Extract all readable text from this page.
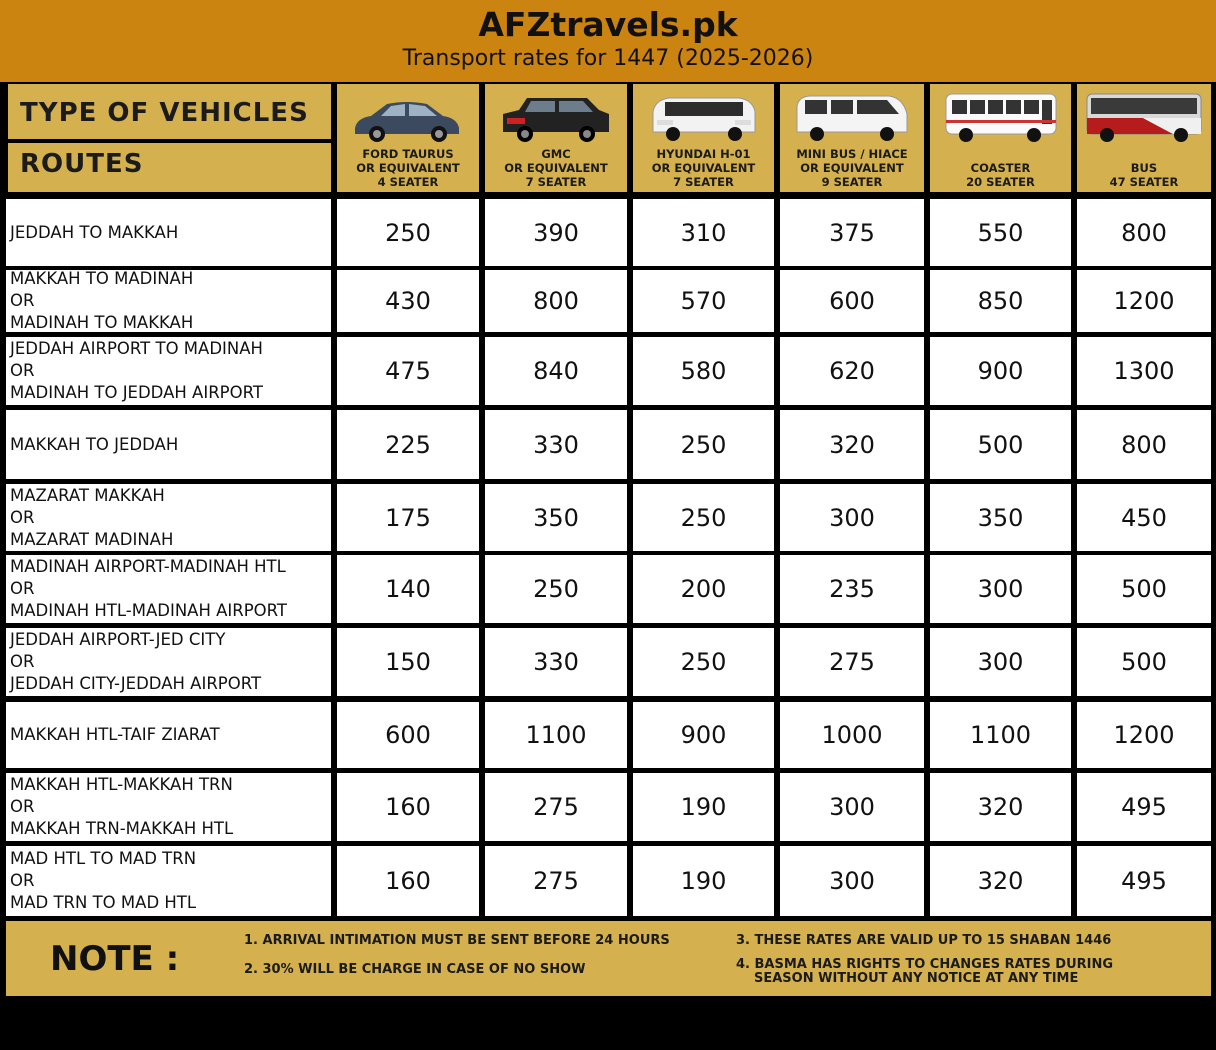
AFZtravels.pk
Transport rates for 1447 (2025-2026)
TYPE OF VEHICLES
ROUTES
NOTE :	1. ARRIVAL INTIMATION MUST BE SENT BEFORE 24 HOURS
2. 30% WILL BE CHARGE IN CASE OF NO SHOW
3. THESE RATES ARE VALID UP TO 15 SHABAN 1446
4. BASMA HAS RIGHTS TO CHANGES RATES DURING
SEASON WITHOUT ANY NOTICE AT ANY TIME
FORD TAURUS
OR EQUIVALENT
4 SEATER
GMC
OR EQUIVALENT
7 SEATER
HYUNDAI H-01
OR EQUIVALENT
7 SEATER
MINI BUS / HIACE
OR EQUIVALENT
9 SEATER
COASTER
20 SEATER
BUS
47 SEATER
JEDDAH TO MAKKAH	250	390	310	375	550	800
MAKKAH TO MADINAH
OR
MADINAH TO MAKKAH
430	800	570	600	850	1200
JEDDAH AIRPORT TO MADINAH
OR
MADINAH TO JEDDAH AIRPORT
475	840	580	620	900	1300
MAKKAH TO JEDDAH	225	330	250	320	500	800
MAZARAT MAKKAH
OR
MAZARAT MADINAH
175	350	250	300	350	450
MADINAH AIRPORT-MADINAH HTL
OR
MADINAH HTL-MADINAH AIRPORT
140	250	200	235	300	500
JEDDAH AIRPORT-JED CITY
OR
JEDDAH CITY-JEDDAH AIRPORT
150	330	250	275	300	500
MAKKAH HTL-TAIF ZIARAT	600	1100	900	1000	1100	1200
MAKKAH HTL-MAKKAH TRN
OR
MAKKAH TRN-MAKKAH HTL
160	275	190	300	320	495
MAD HTL TO MAD TRN
OR
MAD TRN TO MAD HTL
160	275	190	300	320	495
